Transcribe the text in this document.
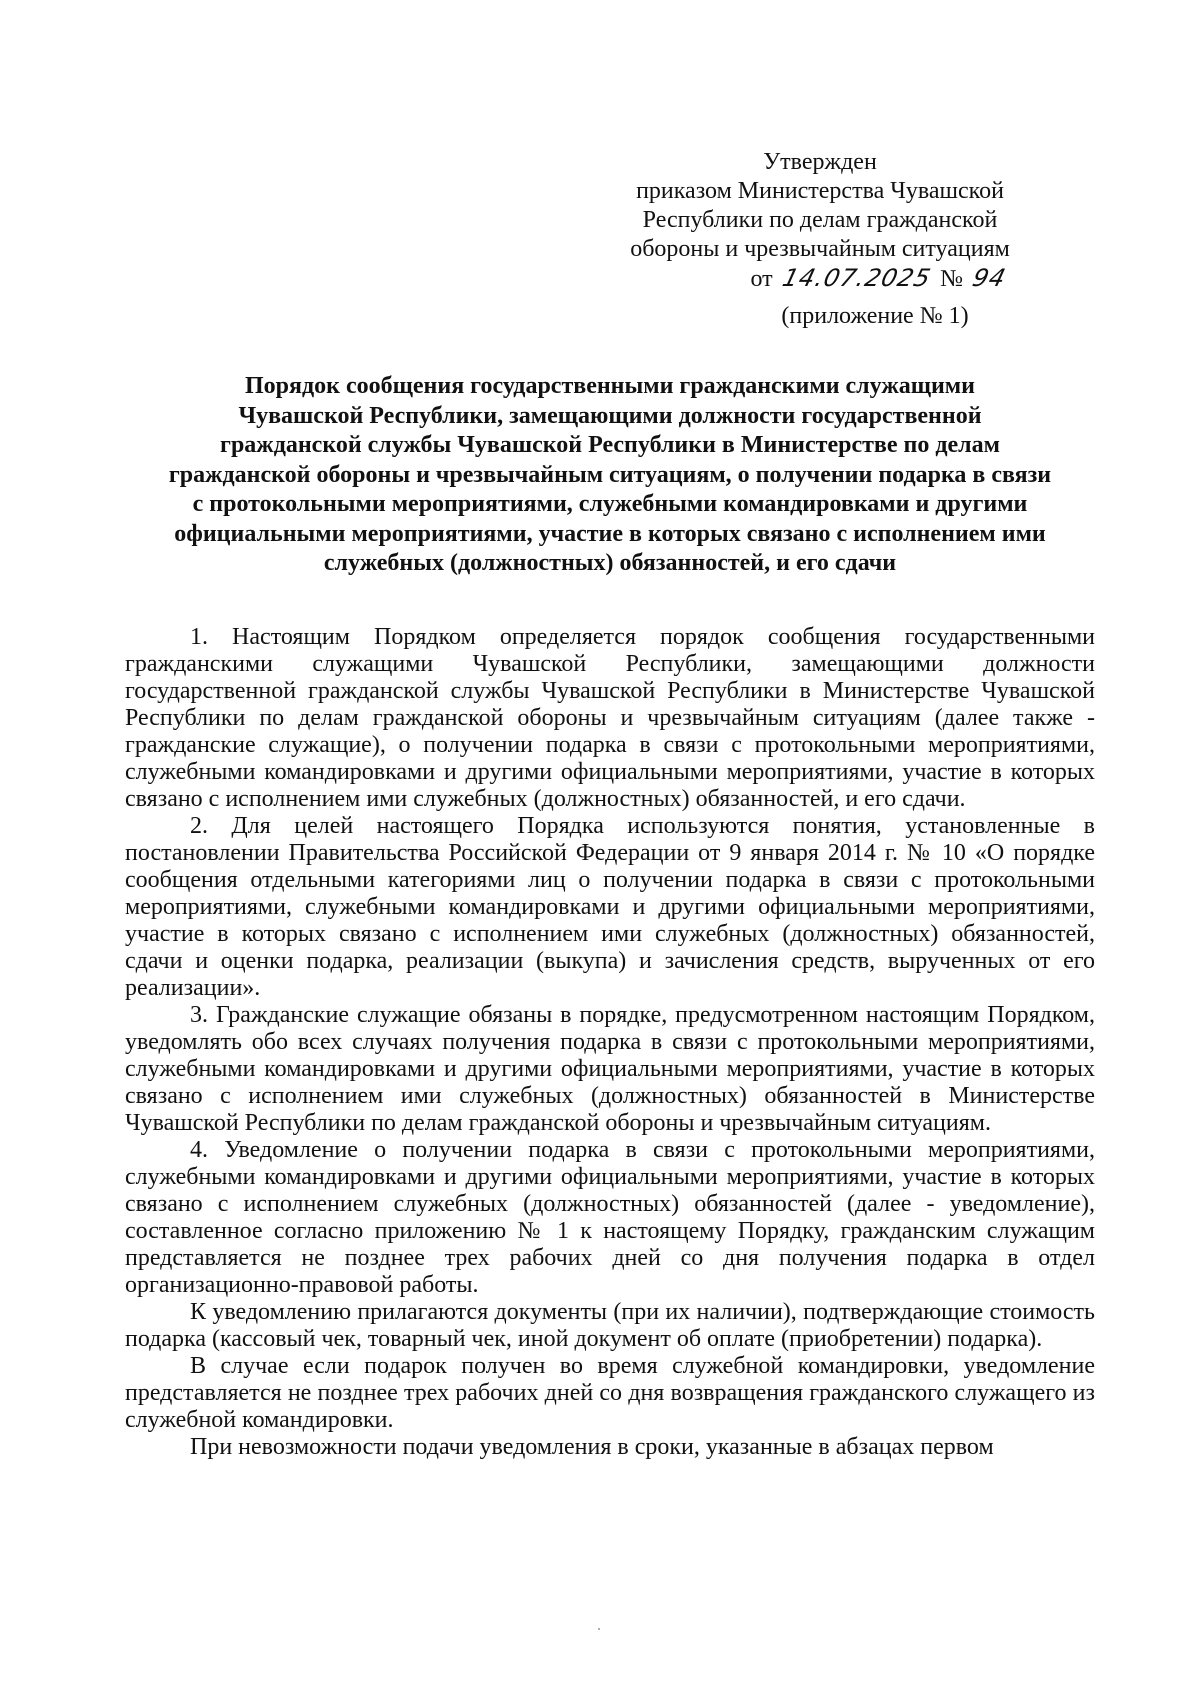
Утвержден
приказом Министерства Чувашской
Республики по делам гражданской
обороны и чрезвычайным ситуациям
от 14.07.2025 № 94
(приложение № 1)
Порядок сообщения государственными гражданскими служащими
Чувашской Республики, замещающими должности государственной
гражданской службы Чувашской Республики в Министерстве по делам
гражданской обороны и чрезвычайным ситуациям, о получении подарка в связи
с протокольными мероприятиями, служебными командировками и другими
официальными мероприятиями, участие в которых связано с исполнением ими
служебных (должностных) обязанностей, и его сдачи

1. Настоящим Порядком определяется порядок сообщения государственными гражданскими служащими Чувашской Республики, замещающими должности государственной гражданской службы Чувашской Республики в Министерстве Чувашской Республики по делам гражданской обороны и чрезвычайным ситуациям (далее также - гражданские служащие), о получении подарка в связи с протокольными мероприятиями, служебными командировками и другими официальными мероприятиями, участие в которых связано с исполнением ими служебных (должностных) обязанностей, и его сдачи.

2. Для целей настоящего Порядка используются понятия, установленные в постановлении Правительства Российской Федерации от 9 января 2014 г. № 10 «О порядке сообщения отдельными категориями лиц о получении подарка в связи с протокольными мероприятиями, служебными командировками и другими официальными мероприятиями, участие в которых связано с исполнением ими служебных (должностных) обязанностей, сдачи и оценки подарка, реализации (выкупа) и зачисления средств, вырученных от его реализации».

3. Гражданские служащие обязаны в порядке, предусмотренном настоящим Порядком, уведомлять обо всех случаях получения подарка в связи с протокольными мероприятиями, служебными командировками и другими официальными мероприятиями, участие в которых связано с исполнением ими служебных (должностных) обязанностей в Министерстве Чувашской Республики по делам гражданской обороны и чрезвычайным ситуациям.

4. Уведомление о получении подарка в связи с протокольными мероприятиями, служебными командировками и другими официальными мероприятиями, участие в которых связано с исполнением служебных (должностных) обязанностей (далее - уведомление), составленное согласно приложению № 1 к настоящему Порядку, гражданским служащим представляется не позднее трех рабочих дней со дня получения подарка в отдел организационно-правовой работы.

К уведомлению прилагаются документы (при их наличии), подтверждающие стоимость подарка (кассовый чек, товарный чек, иной документ об оплате (приобретении) подарка).

В случае если подарок получен во время служебной командировки, уведомление представляется не позднее трех рабочих дней со дня возвращения гражданского служащего из служебной командировки.

При невозможности подачи уведомления в сроки, указанные в абзацах первом
